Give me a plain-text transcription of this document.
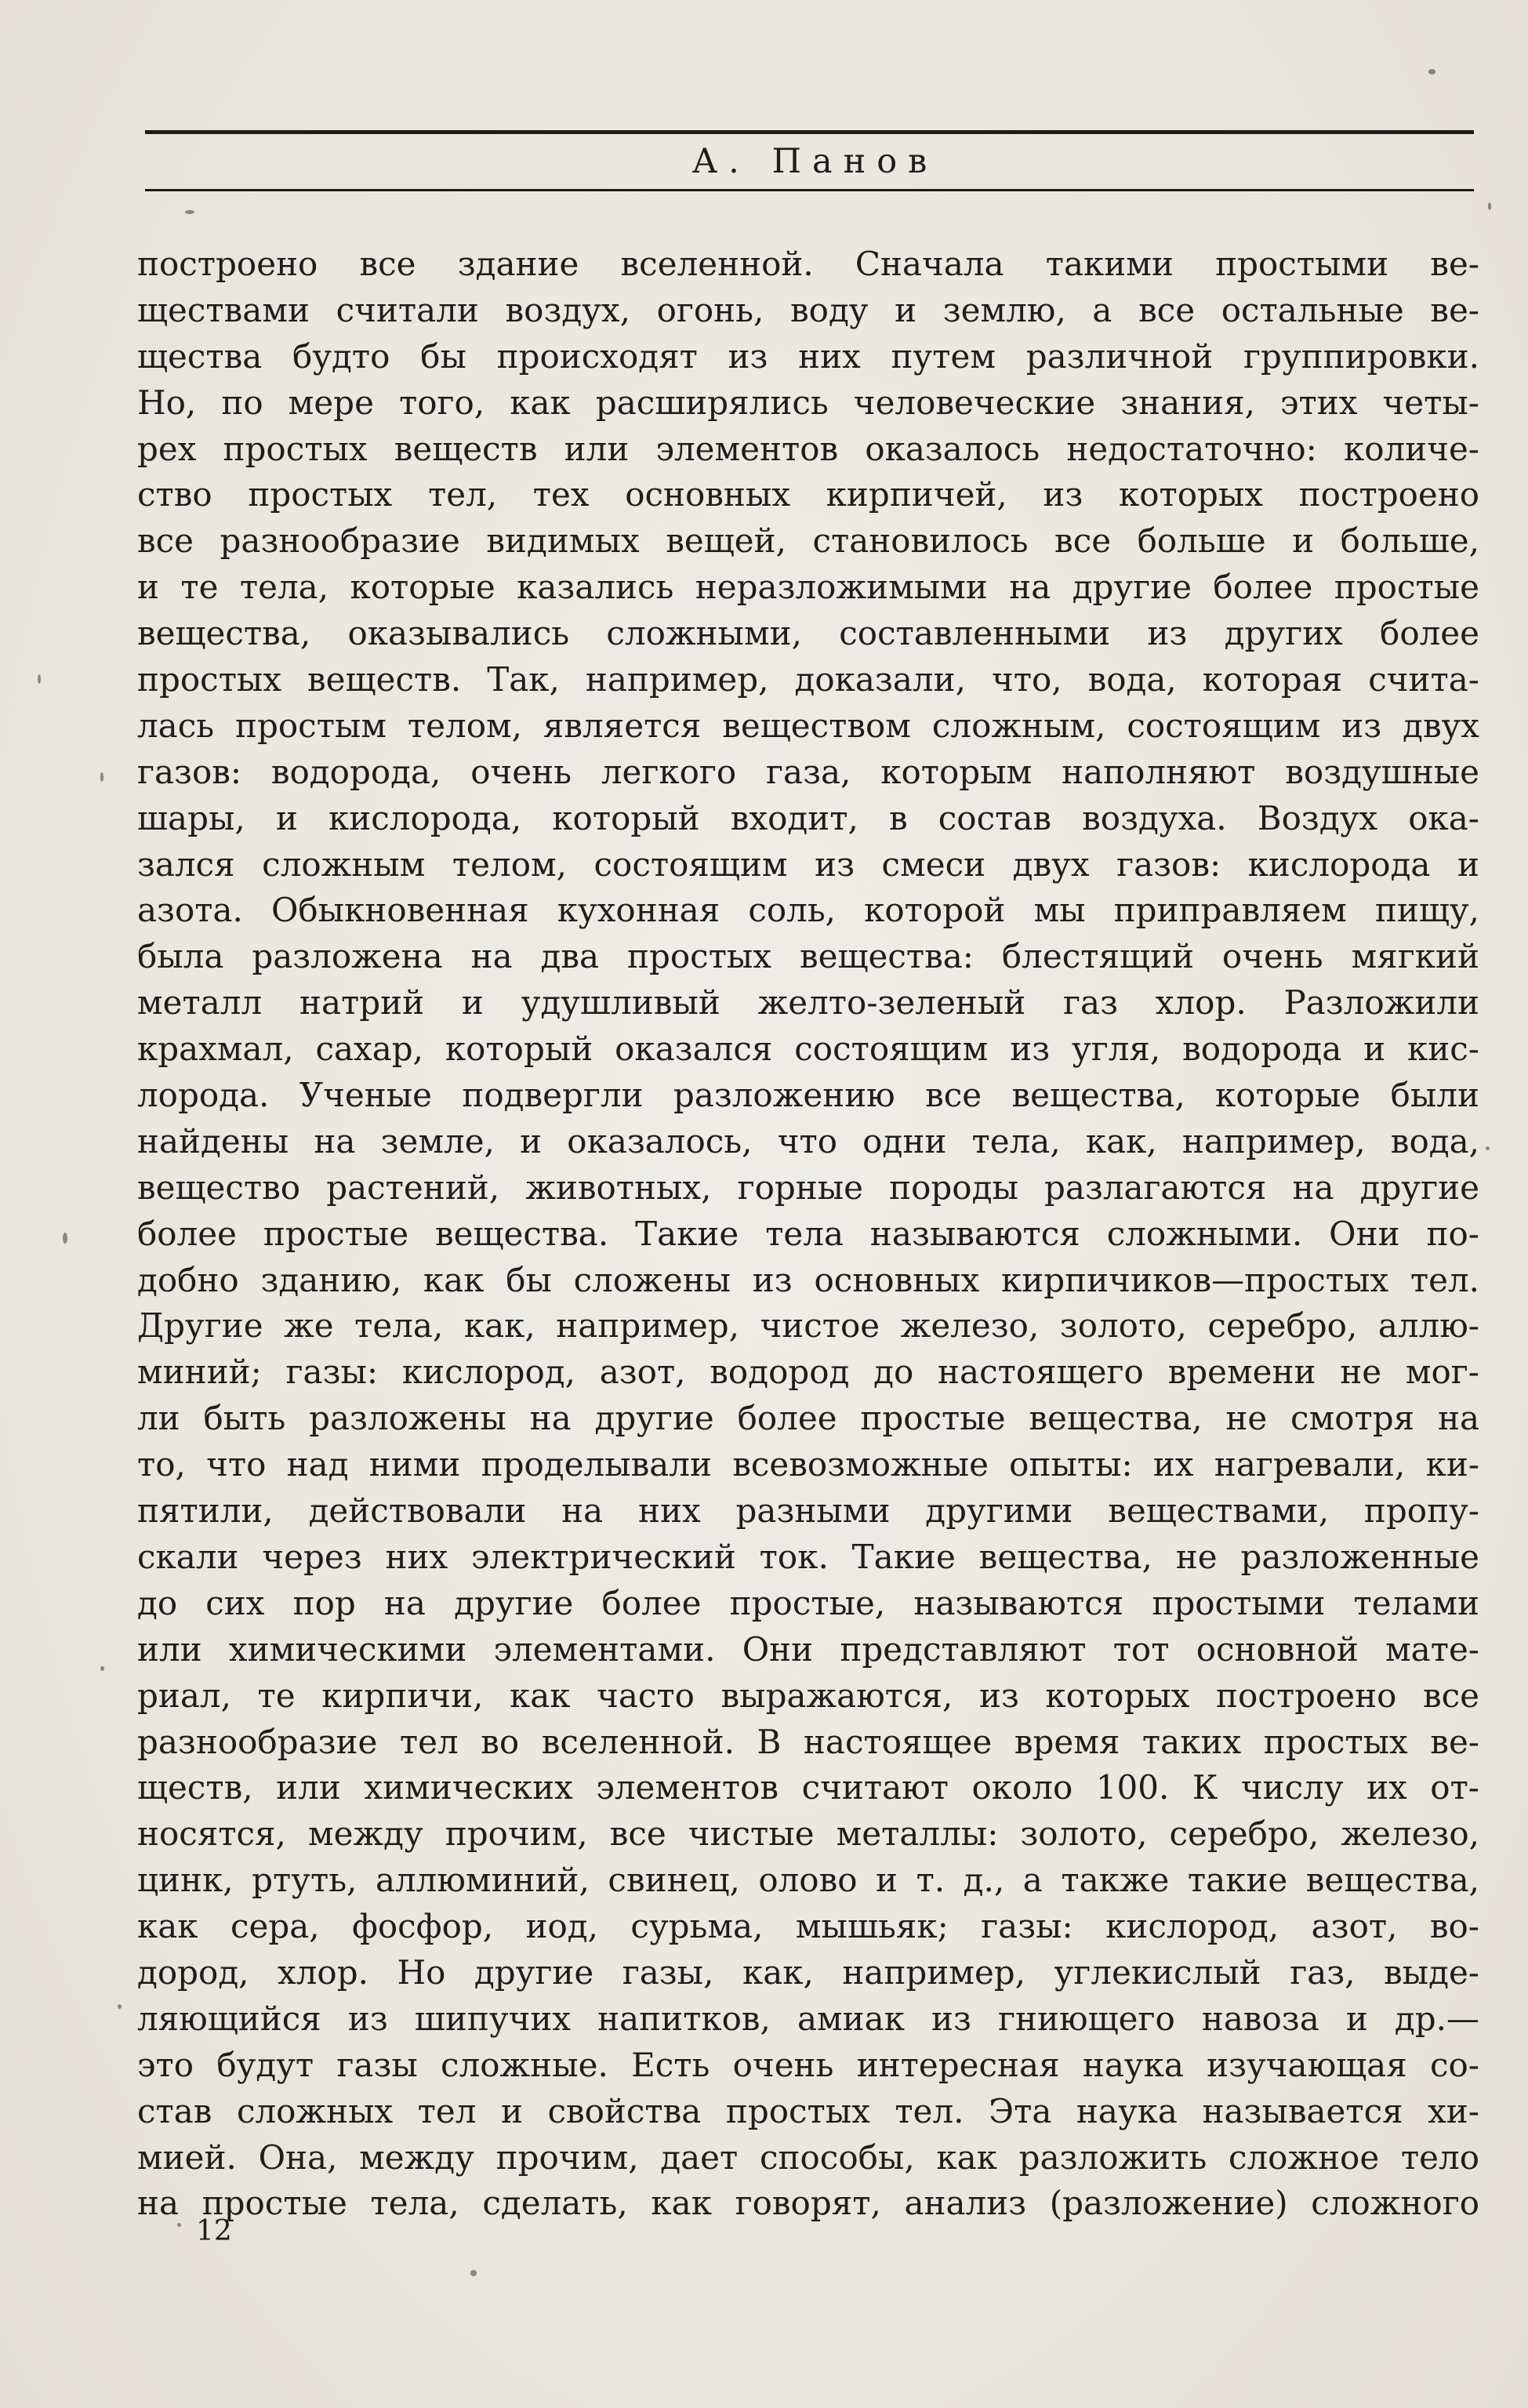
А. Панов
построено все здание вселенной. Сначала такими простыми ве-
ществами считали воздух, огонь, воду и землю, а все остальные ве-
щества будто бы происходят из них путем различной группировки.
Но, по мере того, как расширялись человеческие знания, этих четы-
рех простых веществ или элементов оказалось недостаточно: количе-
ство простых тел, тех основных кирпичей, из которых построено
все разнообразие видимых вещей, становилось все больше и больше,
и те тела, которые казались неразложимыми на другие более простые
вещества, оказывались сложными, составленными из других более
простых веществ. Так, например, доказали, что, вода, которая счита-
лась простым телом, является веществом сложным, состоящим из двух
газов: водорода, очень легкого газа, которым наполняют воздушные
шары, и кислорода, который входит, в состав воздуха. Воздух ока-
зался сложным телом, состоящим из смеси двух газов: кислорода и
азота. Обыкновенная кухонная соль, которой мы приправляем пищу,
была разложена на два простых вещества: блестящий очень мягкий
металл натрий и удушливый желто-зеленый газ хлор. Разложили
крахмал, сахар, который оказался состоящим из угля, водорода и кис-
лорода. Ученые подвергли разложению все вещества, которые были
найдены на земле, и оказалось, что одни тела, как, например, вода,
вещество растений, животных, горные породы разлагаются на другие
более простые вещества. Такие тела называются сложными. Они по-
добно зданию, как бы сложены из основных кирпичиков—простых тел.
Другие же тела, как, например, чистое железо, золото, серебро, аллю-
миний; газы: кислород, азот, водород до настоящего времени не мог-
ли быть разложены на другие более простые вещества, не смотря на
то, что над ними проделывали всевозможные опыты: их нагревали, ки-
пятили, действовали на них разными другими веществами, пропу-
скали через них электрический ток. Такие вещества, не разложенные
до сих пор на другие более простые, называются простыми телами
или химическими элементами. Они представляют тот основной мате-
риал, те кирпичи, как часто выражаются, из которых построено все
разнообразие тел во вселенной. В настоящее время таких простых ве-
ществ, или химических элементов считают около 100. К числу их от-
носятся, между прочим, все чистые металлы: золото, серебро, железо,
цинк, ртуть, аллюминий, свинец, олово и т. д., а также такие вещества,
как сера, фосфор, иод, сурьма, мышьяк; газы: кислород, азот, во-
дород, хлор. Но другие газы, как, например, углекислый газ, выде-
ляющийся из шипучих напитков, амиак из гниющего навоза и др.—
это будут газы сложные. Есть очень интересная наука изучающая со-
став сложных тел и свойства простых тел. Эта наука называется хи-
мией. Она, между прочим, дает способы, как разложить сложное тело
на простые тела, сделать, как говорят, анализ (разложение) сложного
12
